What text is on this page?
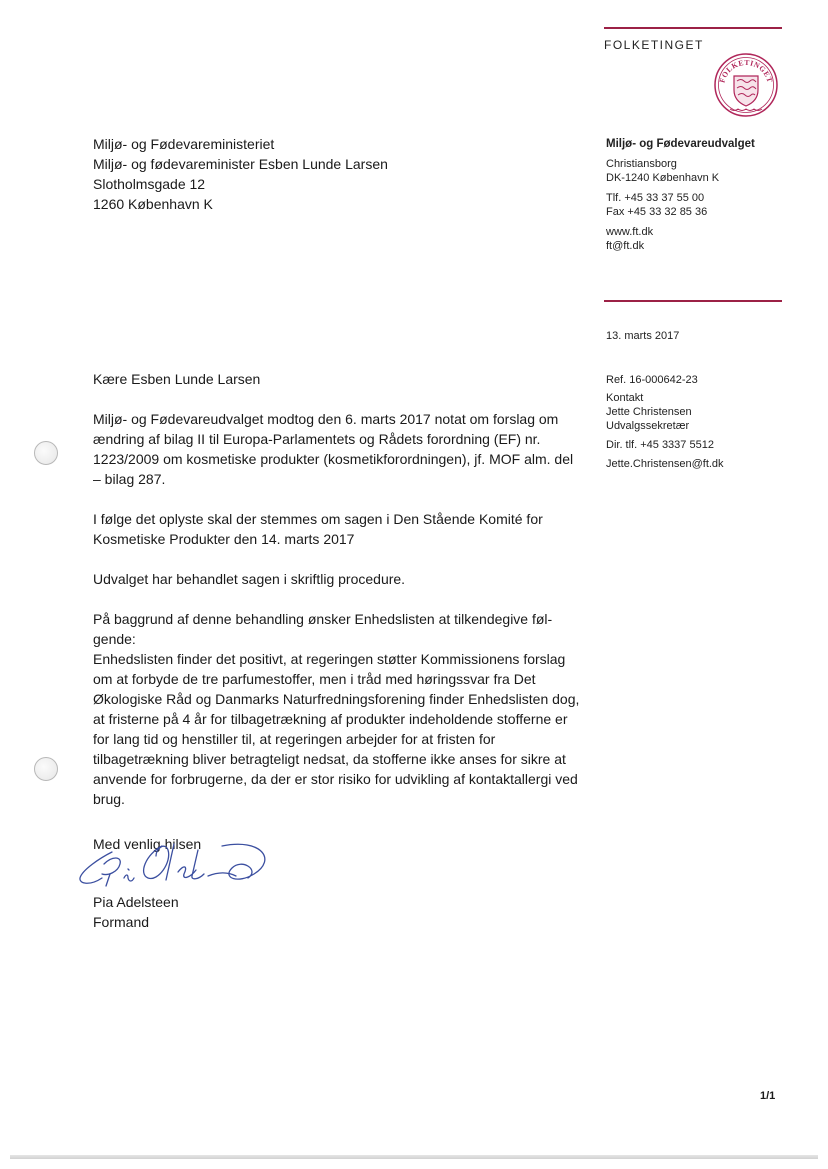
FOLKETINGET
FOLKETINGET
Miljø- og Fødevareministeriet
Miljø- og fødevareminister Esben Lunde Larsen
Slotholmsgade 12
1260 København K
Miljø- og Fødevareudvalget
Christiansborg
DK-1240 København K
Tlf. +45 33 37 55 00
Fax +45 33 32 85 36
www.ft.dk
ft@ft.dk
13. marts 2017
Ref. 16-000642-23
Kontakt
Jette Christensen
Udvalgssekretær
Dir. tlf. +45 3337 5512
Jette.Christensen@ft.dk
Kære Esben Lunde Larsen

Miljø- og Fødevareudvalget modtog den 6. marts 2017 notat om forslag om ændring af bilag II til Europa-Parlamentets og Rådets forordning (EF) nr. 1223/2009 om kosmetiske produkter (kosmetikforordningen), jf. MOF alm. del – bilag 287.

I følge det oplyste skal der stemmes om sagen i Den Stående Komité for Kosmetiske Produkter den 14. marts 2017

Udvalget har behandlet sagen i skriftlig procedure.

På baggrund af denne behandling ønsker Enhedslisten at tilkendegive føl-gende:

Enhedslisten finder det positivt, at regeringen støtter Kommissionens forslag om at forbyde de tre parfumestoffer, men i tråd med høringssvar fra Det Økologiske Råd og Danmarks Naturfredningsforening finder Enhedslisten dog, at fristerne på 4 år for tilbagetrækning af produkter indeholdende stofferne er for lang tid og henstiller til, at regeringen arbejder for at fristen for tilbagetrækning bliver betragteligt nedsat, da stofferne ikke anses for sikre at anvende for forbrugerne, da der er stor risiko for udvikling af kontaktallergi ved brug.

Med venlig hilsen
Pia Adelsteen
Formand
1/1
